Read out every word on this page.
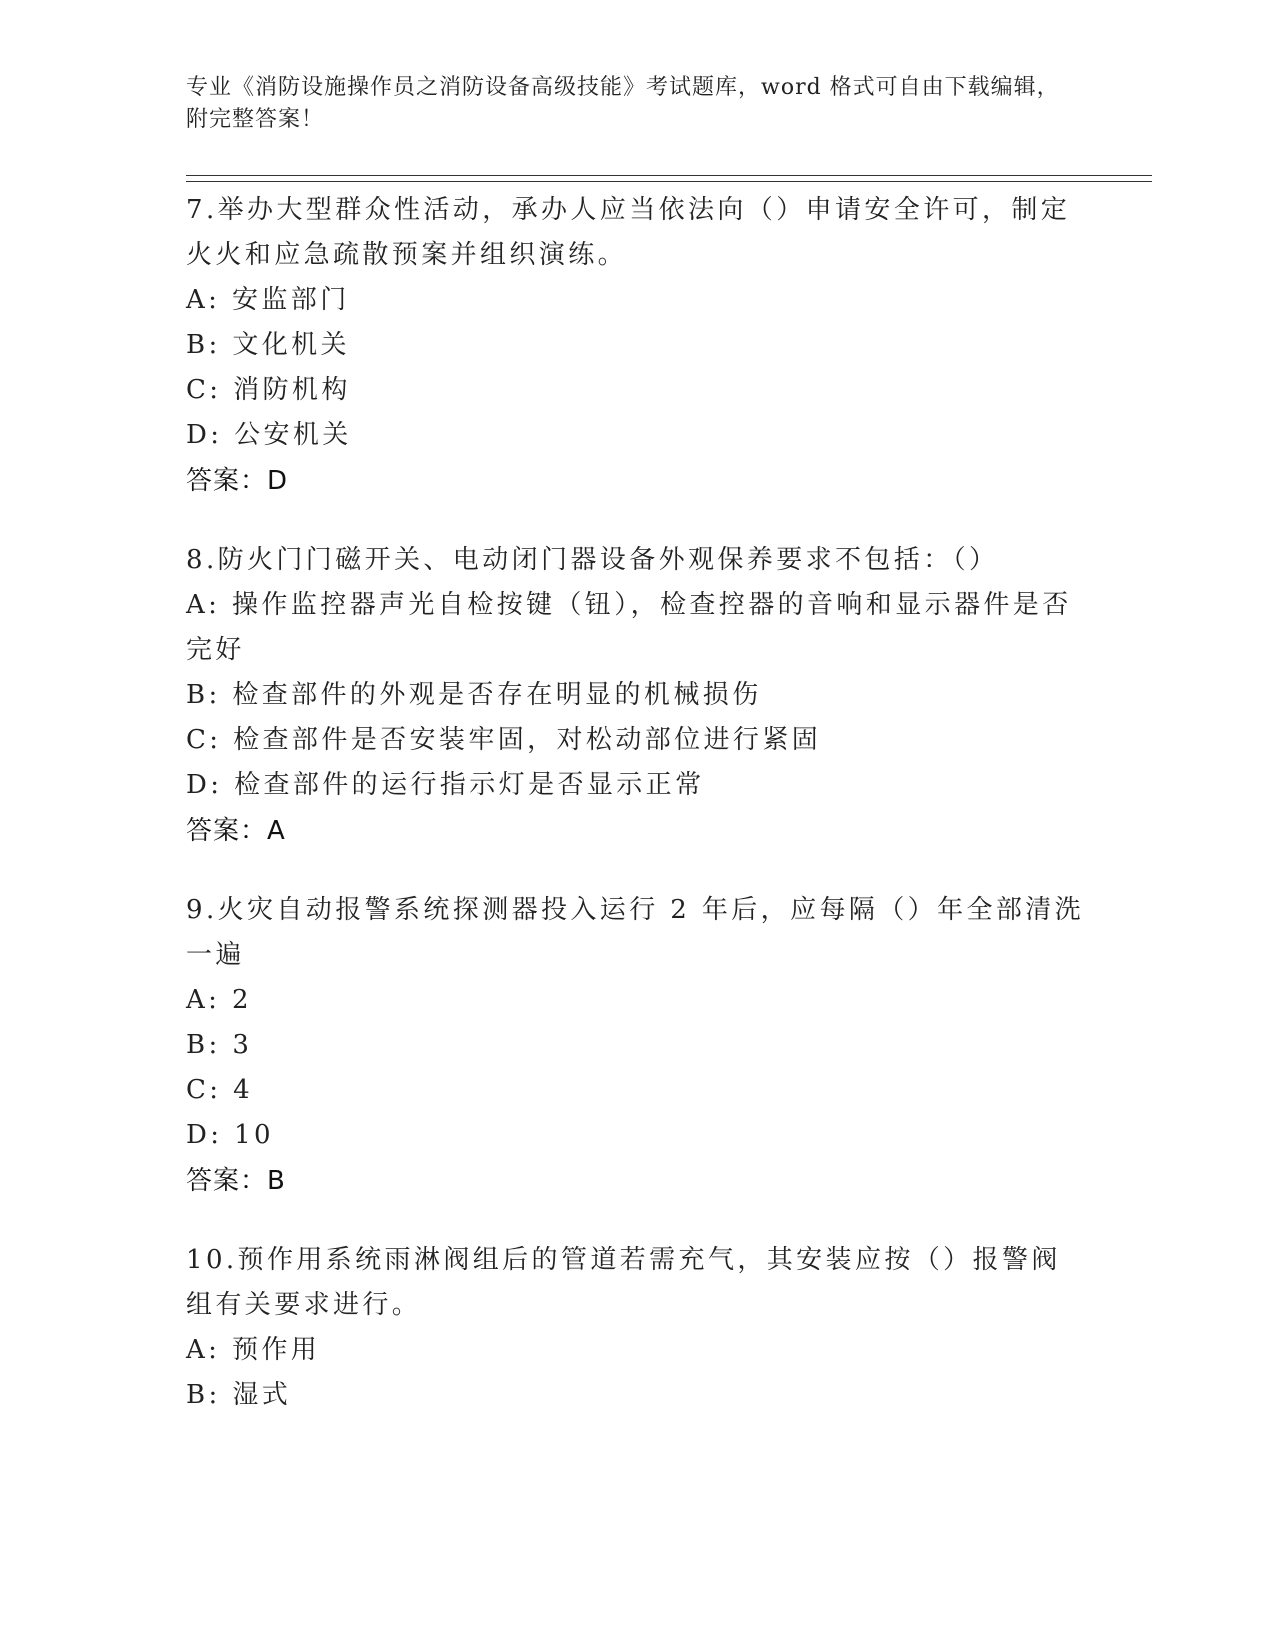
专业《消防设施操作员之消防设备高级技能》考试题库，word 格式可自由下载编辑，附完整答案！
7.举办大型群众性活动，承办人应当依法向（）申请安全许可，制定火火和应急疏散预案并组织演练。
A: 安监部门
B: 文化机关
C: 消防机构
D: 公安机关
答案：D
8.防火门门磁开关、电动闭门器设备外观保养要求不包括：（）
A: 操作监控器声光自检按键（钮），检查控器的音响和显示器件是否完好
B: 检查部件的外观是否存在明显的机械损伤
C: 检查部件是否安装牢固，对松动部位进行紧固
D: 检查部件的运行指示灯是否显示正常
答案：A
9.火灾自动报警系统探测器投入运行 2 年后，应每隔（）年全部清洗一遍
A: 2
B: 3
C: 4
D: 10
答案：B
10.预作用系统雨淋阀组后的管道若需充气，其安装应按（）报警阀组有关要求进行。
A: 预作用
B: 湿式
